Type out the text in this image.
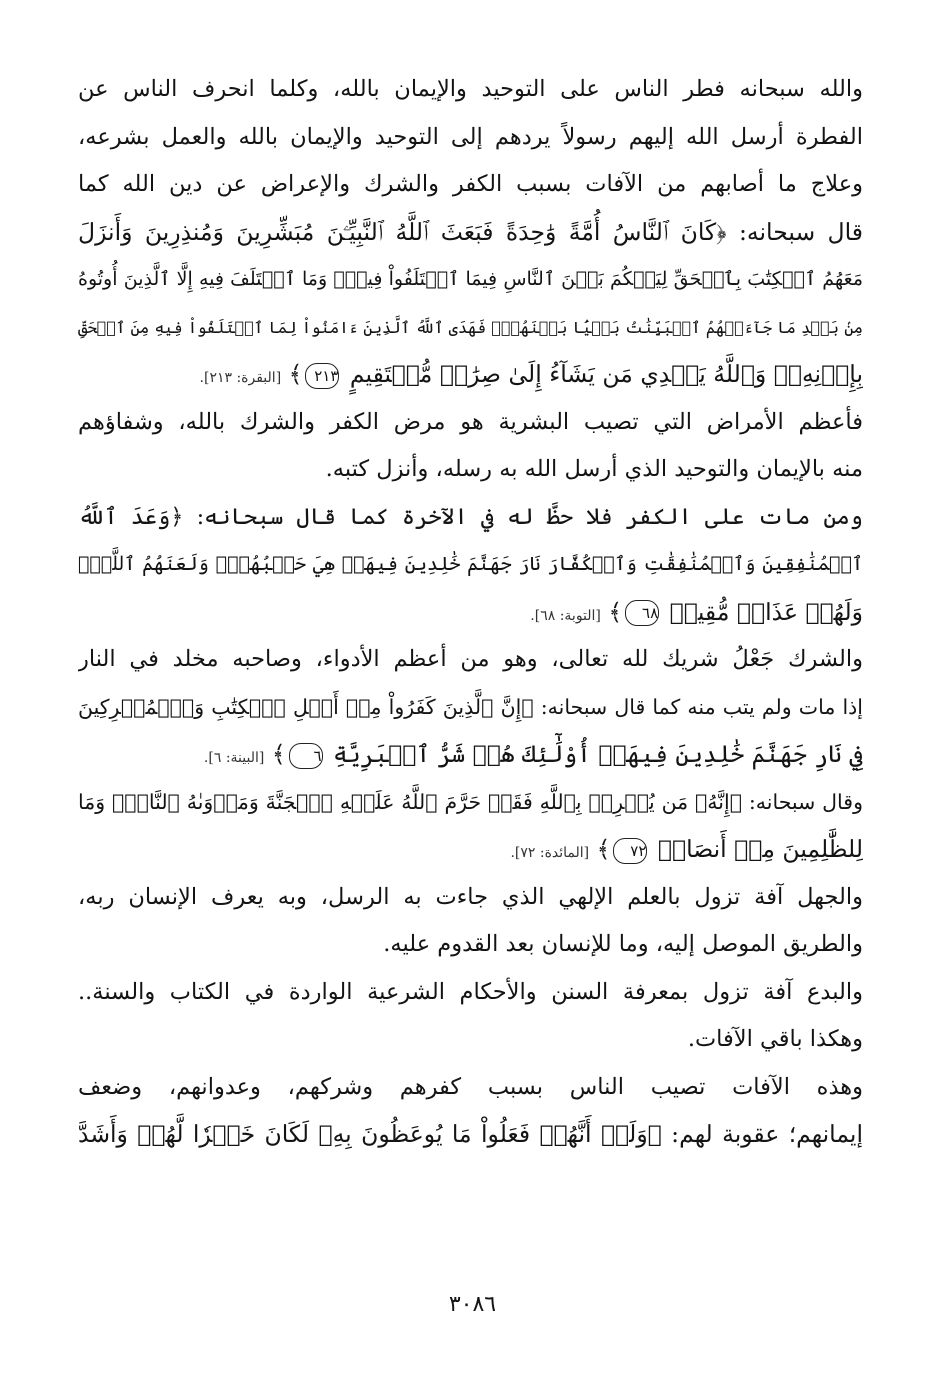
والله سبحانه فطر الناس على التوحيد والإيمان بالله، وكلما انحرف الناس عن
الفطرة أرسل الله إليهم رسولاً يردهم إلى التوحيد والإيمان بالله والعمل بشرعه،
وعلاج ما أصابهم من الآفات بسبب الكفر والشرك والإعراض عن دين الله كما
قال سبحانه: ﴿كَانَ ٱلنَّاسُ أُمَّةً وَٰحِدَةً فَبَعَثَ ٱللَّهُ ٱلنَّبِيِّـۧنَ مُبَشِّرِينَ وَمُنذِرِينَ وَأَنزَلَ
مَعَهُمُ ٱلۡكِتَٰبَ بِٱلۡحَقِّ لِيَحۡكُمَ بَيۡنَ ٱلنَّاسِ فِيمَا ٱخۡتَلَفُواْ فِيهِۚ وَمَا ٱخۡتَلَفَ فِيهِ إِلَّا ٱلَّذِينَ أُوتُوهُ
مِنۢ بَعۡدِ مَا جَآءَتۡهُمُ ٱلۡبَيِّنَٰتُ بَغۡيَۢا بَيۡنَهُمۡۖ فَهَدَى ٱللَّهُ ٱلَّذِينَ ءَامَنُواْ لِمَا ٱخۡتَلَفُواْ فِيهِ مِنَ ٱلۡحَقِّ
بِإِذۡنِهِۦۗ وَٱللَّهُ يَهۡدِي مَن يَشَآءُ إِلَىٰ صِرَٰطٖ مُّسۡتَقِيمٍ ٢١٣﴾ [البقرة: ٢١٣].
فأعظم الأمراض التي تصيب البشرية هو مرض الكفر والشرك بالله، وشفاؤهم
منه بالإيمان والتوحيد الذي أرسل الله به رسله، وأنزل كتبه.
ومن مات على الكفر فلا حظَّ له في الآخرة كما قال سبحانه: ﴿وَعَدَ ٱللَّهُ
ٱلۡمُنَٰفِقِينَ وَٱلۡمُنَٰفِقَٰتِ وَٱلۡكُفَّارَ نَارَ جَهَنَّمَ خَٰلِدِينَ فِيهَاۚ هِيَ حَسۡبُهُمۡۚ وَلَعَنَهُمُ ٱللَّهُۖ
وَلَهُمۡ عَذَابٞ مُّقِيمٞ ٦٨﴾ [التوبة: ٦٨].
والشرك جَعْلُ شريك لله تعالى، وهو من أعظم الأدواء، وصاحبه مخلد في النار
إذا مات ولم يتب منه كما قال سبحانه: ﴿إِنَّ ٱلَّذِينَ كَفَرُواْ مِنۡ أَهۡلِ ٱلۡكِتَٰبِ وَٱلۡمُشۡرِكِينَ
فِي نَارِ جَهَنَّمَ خَٰلِدِينَ فِيهَآۚ أُوْلَٰٓئِكَ هُمۡ شَرُّ ٱلۡبَرِيَّةِ ٦﴾ [البينة: ٦].
وقال سبحانه: ﴿إِنَّهُۥ مَن يُشۡرِكۡ بِٱللَّهِ فَقَدۡ حَرَّمَ ٱللَّهُ عَلَيۡهِ ٱلۡجَنَّةَ وَمَأۡوَىٰهُ ٱلنَّارُۖ وَمَا
لِلظَّٰلِمِينَ مِنۡ أَنصَارٖ ٧٢﴾ [المائدة: ٧٢].
والجهل آفة تزول بالعلم الإلهي الذي جاءت به الرسل، وبه يعرف الإنسان ربه،
والطريق الموصل إليه، وما للإنسان بعد القدوم عليه.
والبدع آفة تزول بمعرفة السنن والأحكام الشرعية الواردة في الكتاب والسنة..
وهكذا باقي الآفات.
وهذه الآفات تصيب الناس بسبب كفرهم وشركهم، وعدوانهم، وضعف
إيمانهم؛ عقوبة لهم: ﴿وَلَوۡ أَنَّهُمۡ فَعَلُواْ مَا يُوعَظُونَ بِهِۦ لَكَانَ خَيۡرٗا لَّهُمۡ وَأَشَدَّ
٣٠٨٦
